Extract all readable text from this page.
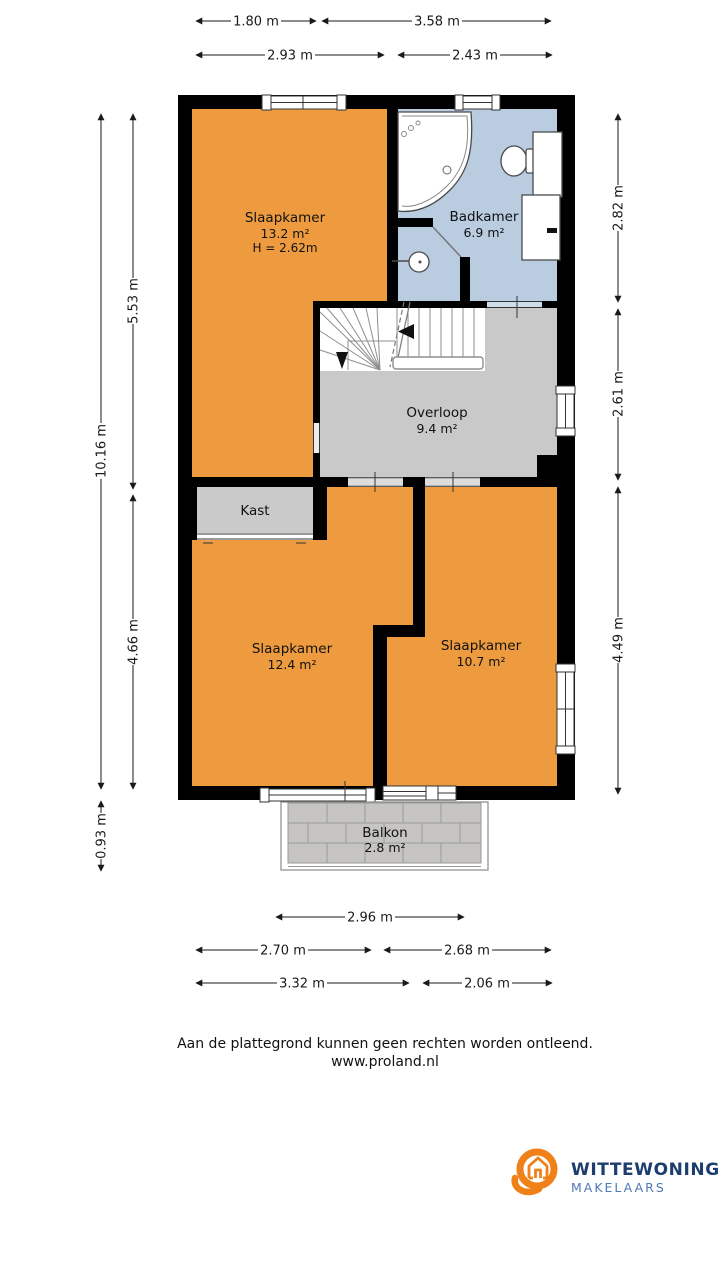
Slaapkamer
13.2 m²
H = 2.62m
Badkamer
6.9 m²
Overloop
9.4 m²
Kast
Slaapkamer
12.4 m²
Slaapkamer
10.7 m²
Balkon
2.8 m²
1.80 m	3.58 m
2.93 m	2.43 m
10.16 m
0.93 m
5.53 m
4.66 m
2.82 m
2.61 m
4.49 m
2.96 m
2.70 m	2.68 m
3.32 m	2.06 m
Aan de plattegrond kunnen geen rechten worden ontleend.
www.proland.nl
WITTEWONING
MAKELAARS
